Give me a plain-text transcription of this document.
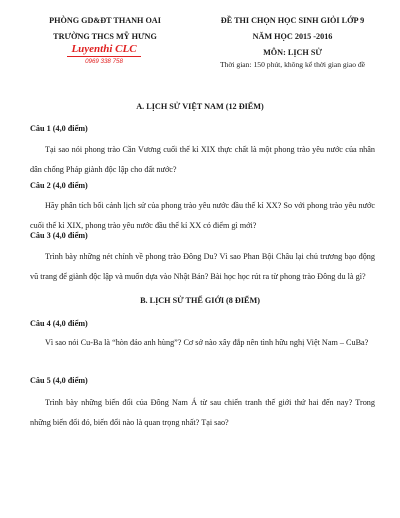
PHÒNG GD&ĐT THANH OAI
TRƯỜNG THCS MỸ HƯNG
Luyenthi CLC
0969 338 758
ĐỀ THI CHỌN HỌC SINH GIỎI LỚP 9
NĂM HỌC 2015 -2016
MÔN: LỊCH SỬ
Thời gian: 150 phút, không kể thời gian giao đề
A. LỊCH SỬ VIỆT NAM (12 ĐIỂM)
Câu 1 (4,0 điểm)
Tại sao nói phong trào Cần Vương cuối thế kỉ XIX thực chất là một phong trào yêu nước của nhân dân chống Pháp giành độc lập cho đất nước?
Câu 2 (4,0 điểm)
Hãy phân tích bối cảnh lịch sử của phong trào yêu nước đầu thế kỉ XX? So với phong trào yêu nước cuối thế kỉ XIX, phong trào yêu nước đầu thế kỉ XX có điểm gì mới?
Câu 3 (4,0 điểm)
Trình bày những nét chính về phong trào Đông Du? Vì sao Phan Bội Châu lại chủ trương bạo động vũ trang để giành độc lập và muốn dựa vào Nhật Bản? Bài học học rút ra từ phong trào Đông du là gì?
B. LỊCH SỬ THẾ GIỚI (8 ĐIỂM)
Câu 4 (4,0 điểm)
Vì sao nói Cu-Ba là “hòn đảo anh hùng”? Cơ sở nào xây đắp nên tình hữu nghị Việt Nam – CuBa?
Câu 5 (4,0 điểm)
Trình bày những biến đổi của Đông Nam Á từ sau chiến tranh thế giới thứ hai đến nay? Trong những biến đổi đó, biến đổi nào là quan trọng nhất? Tại sao?
